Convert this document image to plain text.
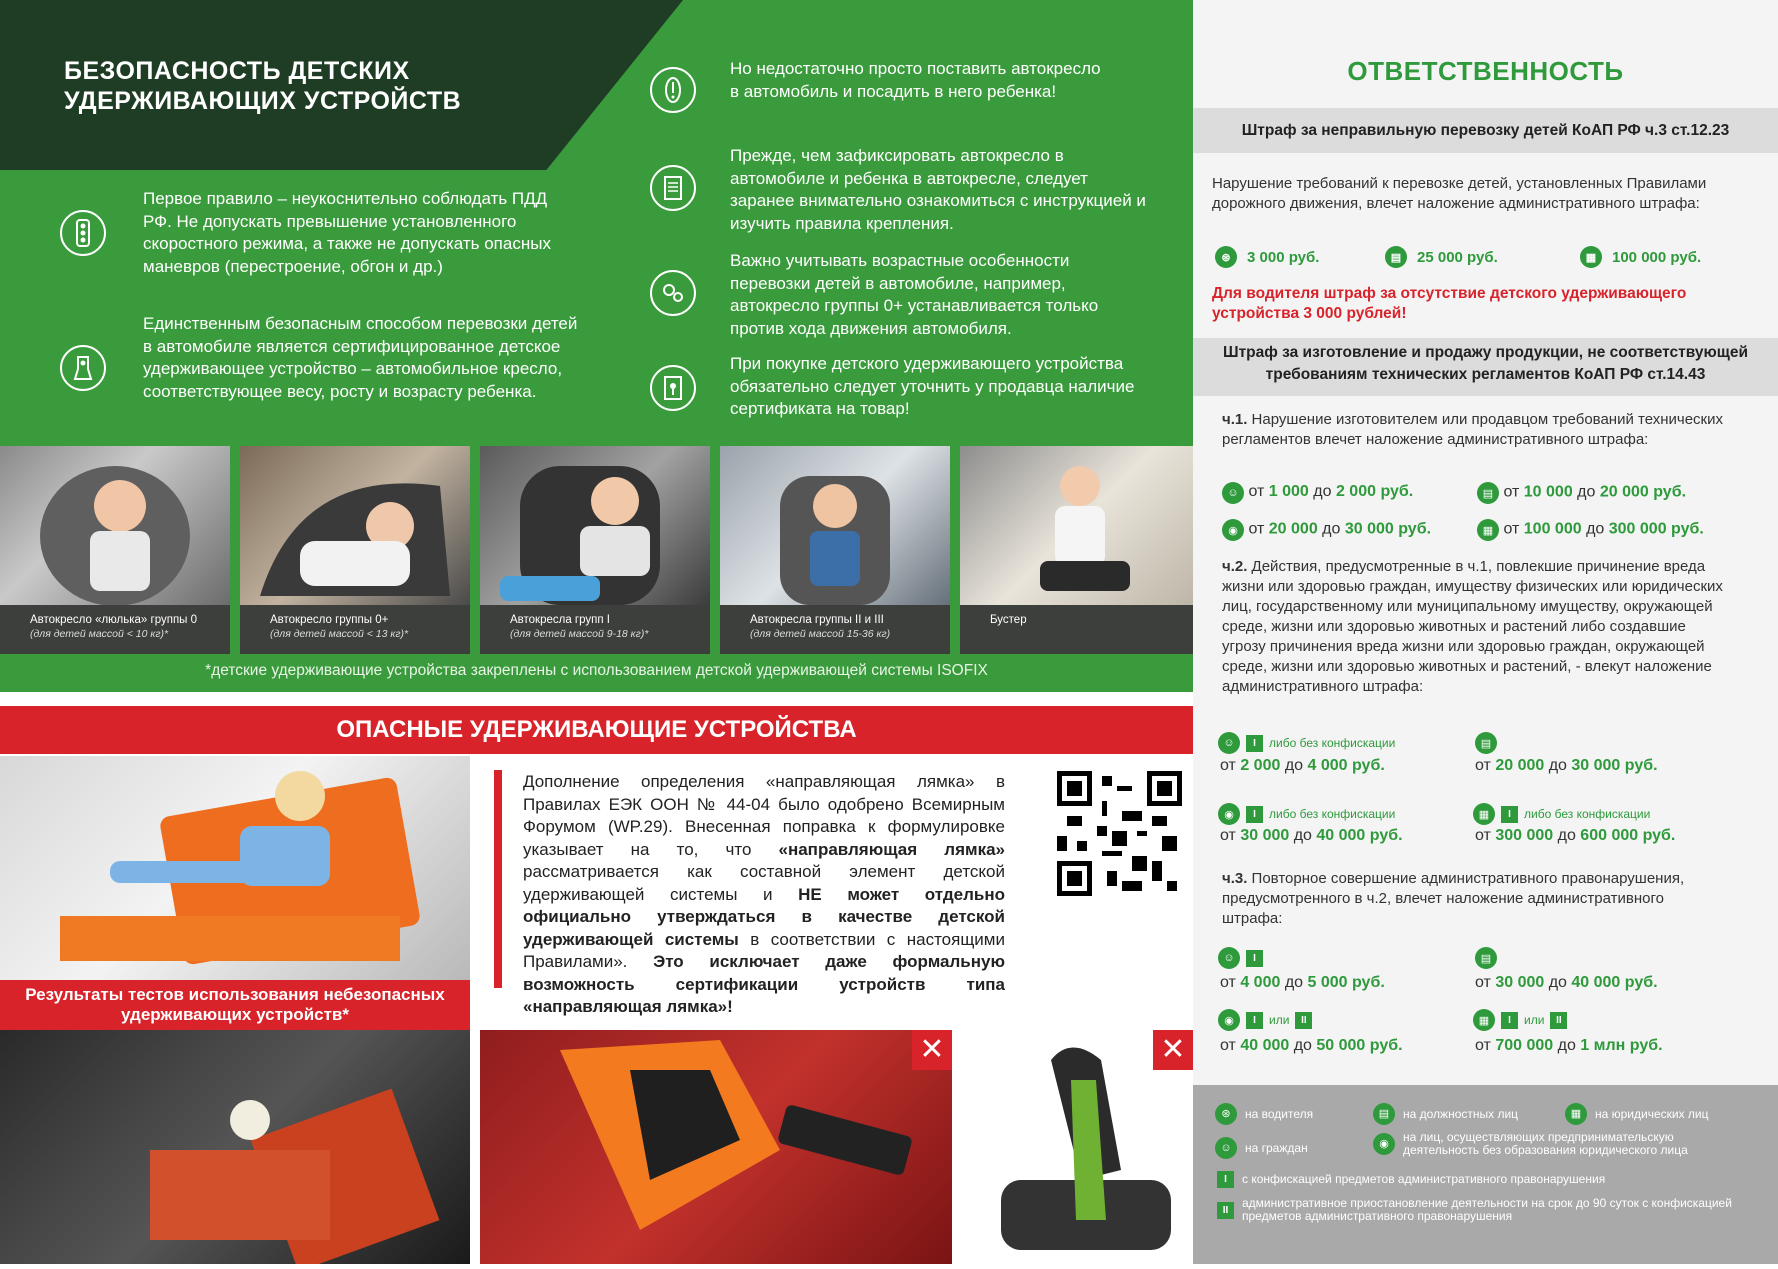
БЕЗОПАСНОСТЬ ДЕТСКИХ УДЕРЖИВАЮЩИХ УСТРОЙСТВ
Первое правило – неукоснительно соблюдать ПДД РФ. Не допускать превышение установленного скоростного режима, а также не допускать опасных маневров (перестроение, обгон и др.)
Единственным безопасным способом перевозки детей в автомобиле является сертифицированное детское удерживающее устройство – автомобильное кресло, соответствующее весу, росту и возрасту ребенка.
Но недостаточно просто поставить автокресло в автомобиль и посадить в него ребенка!
Прежде, чем зафиксировать автокресло в автомобиле и ребенка в автокресле, следует заранее внимательно ознакомиться с инструкцией и изучить правила крепления.
Важно учитывать возрастные особенности перевозки детей в автомобиле, например, автокресло группы 0+ устанавливается только против хода движения автомобиля.
При покупке детского удерживающего устройства обязательно следует уточнить у продавца наличие сертификата на товар!
Автокресло «люлька» группы 0
(для детей массой < 10 кг)*
Автокресло группы 0+
(для детей массой < 13 кг)*
Автокресла групп I
(для детей массой 9-18 кг)*
Автокресла группы II и III
(для детей массой 15-36 кг)
Бустер
*детские удерживающие устройства закреплены с использованием детской удерживающей системы ISOFIX
ОПАСНЫЕ УДЕРЖИВАЮЩИЕ УСТРОЙСТВА
Результаты тестов использования небезопасных удерживающих устройств*
Дополнение определения «направляющая лямка» в Правилах ЕЭК ООН № 44-04 было одобрено Всемирным Форумом (WP.29). Внесенная поправка к формулировке указывает на то, что «направляющая лямка» рассматривается как составной элемент детской удерживающей системы и НЕ может отдельно официально утверждаться в качестве детской удерживающей системы в соответствии с настоящими Правилами». Это исключает даже формальную возможность сертификации устройств типа «направляющая лямка»!
✕	✕
ОТВЕТСТВЕННОСТЬ
Штраф за неправильную перевозку детей КоАП РФ ч.3 ст.12.23
Нарушение требований к перевозке детей, установленных Правилами дорожного движения, влечет наложение административного штрафа:
⊛	3 000 руб.	▤	25 000 руб.	▦	100 000 руб.
Для водителя штраф за отсутствие детского удерживающего устройства 3 000 рублей!
Штраф за изготовление и продажу продукции, не соответствующей требованиям технических регламентов КоАП РФ ст.14.43
ч.1. Нарушение изготовителем или продавцом требований технических регламентов влечет наложение административного штрафа:
☺ от 1 000 до 2 000 руб.	▤ от 10 000 до 20 000 руб.
◉ от 20 000 до 30 000 руб.	▦ от 100 000 до 300 000 руб.
ч.2. Действия, предусмотренные в ч.1, повлекшие причинение вреда жизни или здоровью граждан, имуществу физических или юридических лиц, государственному или муниципальному имуществу, окружающей среде, жизни или здоровью животных и растений либо создавшие угрозу причинения вреда жизни или здоровью граждан, окружающей среде, жизни или здоровью животных и растений, - влекут наложение административного штрафа:
☺	I	либо без конфискации
от 2 000 до 4 000 руб.
▤
от 20 000 до 30 000 руб.
◉	I	либо без конфискации
от 30 000 до 40 000 руб.
▦	I	либо без конфискации
от 300 000 до 600 000 руб.
ч.3. Повторное совершение административного правонарушения, предусмотренного в ч.2, влечет наложение административного штрафа:
☺	I
от 4 000 до 5 000 руб.
▤
от 30 000 до 40 000 руб.
◉	I	или	II
от 40 000 до 50 000 руб.
▦	I	или	II
от 700 000 до 1 млн руб.
⊛	на водителя	▤	на должностных лиц	▦	на юридических лиц
☺	на граждан	◉	на лиц, осуществляющих предпринимательскую деятельность без образования юридического лица
I	с конфискацией предметов административного правонарушения
II	административное приостановление деятельности на срок до 90 суток с конфискацией предметов административного правонарушения
